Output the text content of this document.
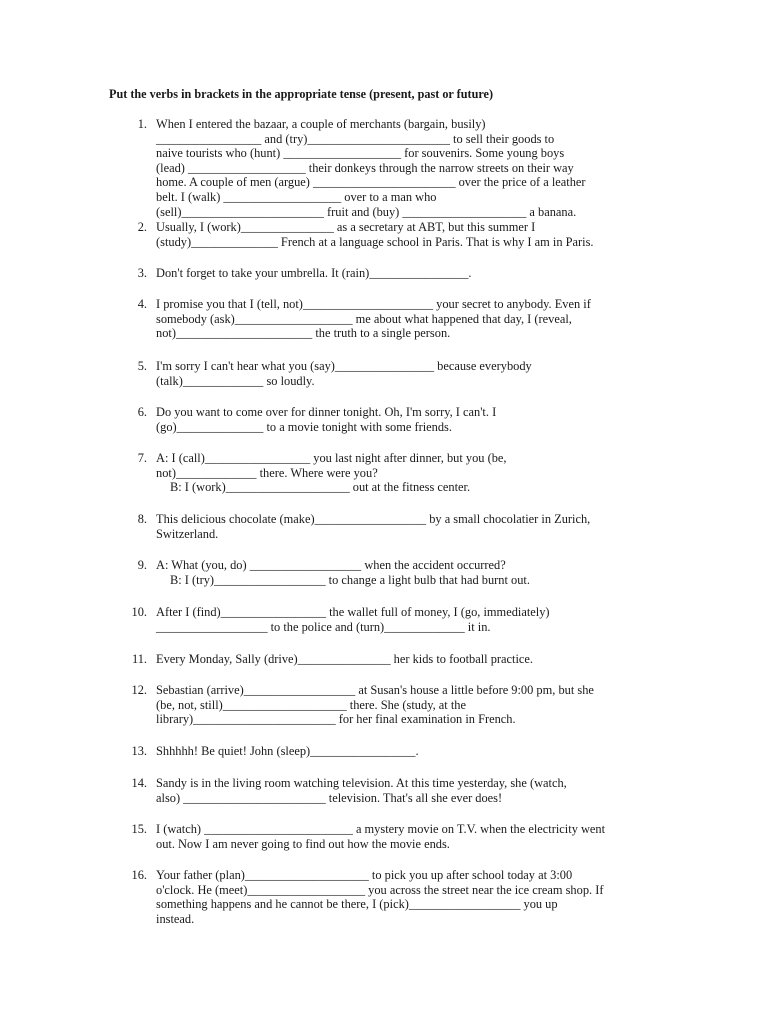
Put the verbs in brackets in the appropriate tense (present, past or future)
1. When I entered the bazaar, a couple of merchants (bargain, busily)
_________________ and (try)_______________________ to sell their goods to
naive tourists who (hunt) ___________________ for souvenirs. Some young boys
(lead) ___________________ their donkeys through the narrow streets on their way
home. A couple of men (argue) _______________________ over the price of a leather
belt. I (walk) ___________________ over to a man who
(sell)_______________________ fruit and (buy) ____________________ a banana.
2. Usually, I (work)_______________ as a secretary at ABT, but this summer I
(study)______________ French at a language school in Paris. That is why I am in Paris.
3. Don't forget to take your umbrella. It (rain)________________.
4. I promise you that I (tell, not)_____________________ your secret to anybody. Even if
somebody (ask)___________________ me about what happened that day, I (reveal,
not)______________________ the truth to a single person.
5. I'm sorry I can't hear what you (say)________________ because everybody
(talk)_____________ so loudly.
6. Do you want to come over for dinner tonight. Oh, I'm sorry, I can't. I
(go)______________ to a movie tonight with some friends.
7. A: I (call)_________________ you last night after dinner, but you (be,
not)_____________ there. Where were you?
B: I (work)____________________ out at the fitness center.
8. This delicious chocolate (make)__________________ by a small chocolatier in Zurich,
Switzerland.
9. A: What (you, do) __________________ when the accident occurred?
B: I (try)__________________ to change a light bulb that had burnt out.
10. After I (find)_________________ the wallet full of money, I (go, immediately)
__________________ to the police and (turn)_____________ it in.
11. Every Monday, Sally (drive)_______________ her kids to football practice.
12. Sebastian (arrive)__________________ at Susan's house a little before 9:00 pm, but she
(be, not, still)____________________ there. She (study, at the
library)_______________________ for her final examination in French.
13. Shhhhh! Be quiet! John (sleep)_________________.
14. Sandy is in the living room watching television. At this time yesterday, she (watch,
also) _______________________ television. That's all she ever does!
15. I (watch) ________________________ a mystery movie on T.V. when the electricity went
out. Now I am never going to find out how the movie ends.
16. Your father (plan)____________________ to pick you up after school today at 3:00
o'clock. He (meet)___________________ you across the street near the ice cream shop. If
something happens and he cannot be there, I (pick)__________________ you up
instead.
